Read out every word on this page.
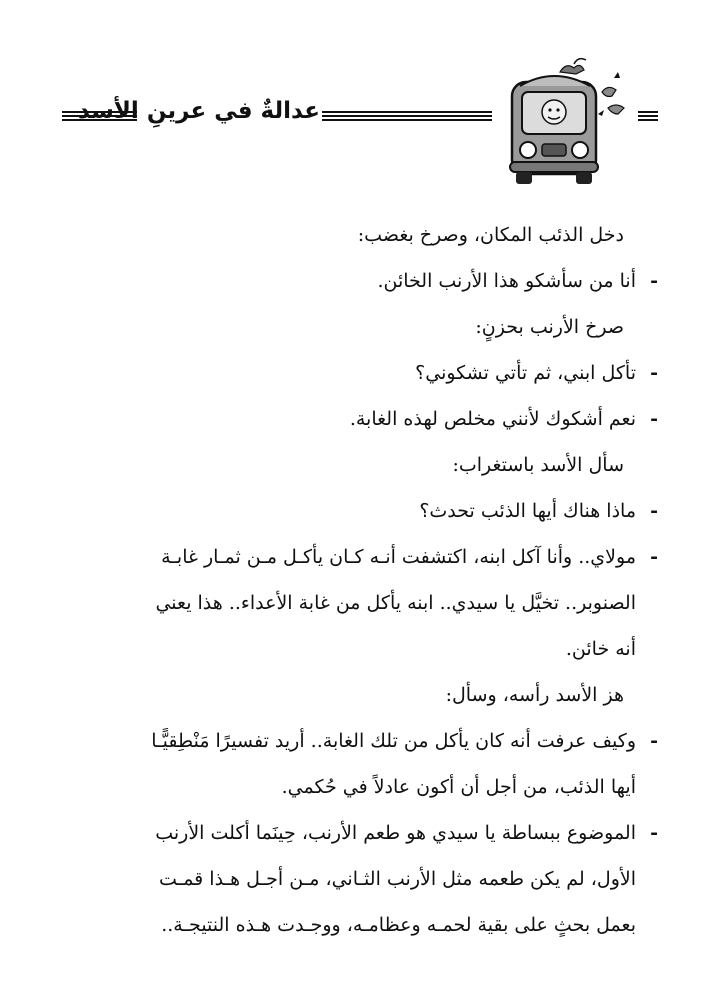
عدالةٌ في عرينِ الأسد
دخل الذئب المكان، وصرخ بغضب:
-
أنا من سأشكو هذا الأرنب الخائن.
صرخ الأرنب بحزنٍ:
-
تأكل ابني، ثم تأتي تشكوني؟
-
نعم أشكوك لأنني مخلص لهذه الغابة.
سأل الأسد باستغراب:
-
ماذا هناك أيها الذئب تحدث؟
-
مولاي.. وأنا آكل ابنه، اكتشفت أنـه كـان يأكـل مـن ثمـار غابـة
الصنوبر.. تخيَّل يا سيدي.. ابنه يأكل من غابة الأعداء.. هذا يعني
أنه خائن.
هز الأسد رأسه، وسأل:
-
وكيف عرفت أنه كان يأكل من تلك الغابة.. أريد تفسيرًا مَنْطِقيًّـا
أيها الذئب، من أجل أن أكون عادلاً في حُكمي.
-
الموضوع ببساطة يا سيدي هو طعم الأرنب، حِينَما أكلت الأرنب
الأول، لم يكن طعمه مثل الأرنب الثـاني، مـن أجـل هـذا قمـت
بعمل بحثٍ على بقية لحمـه وعظامـه، ووجـدت هـذه النتيجـة..
